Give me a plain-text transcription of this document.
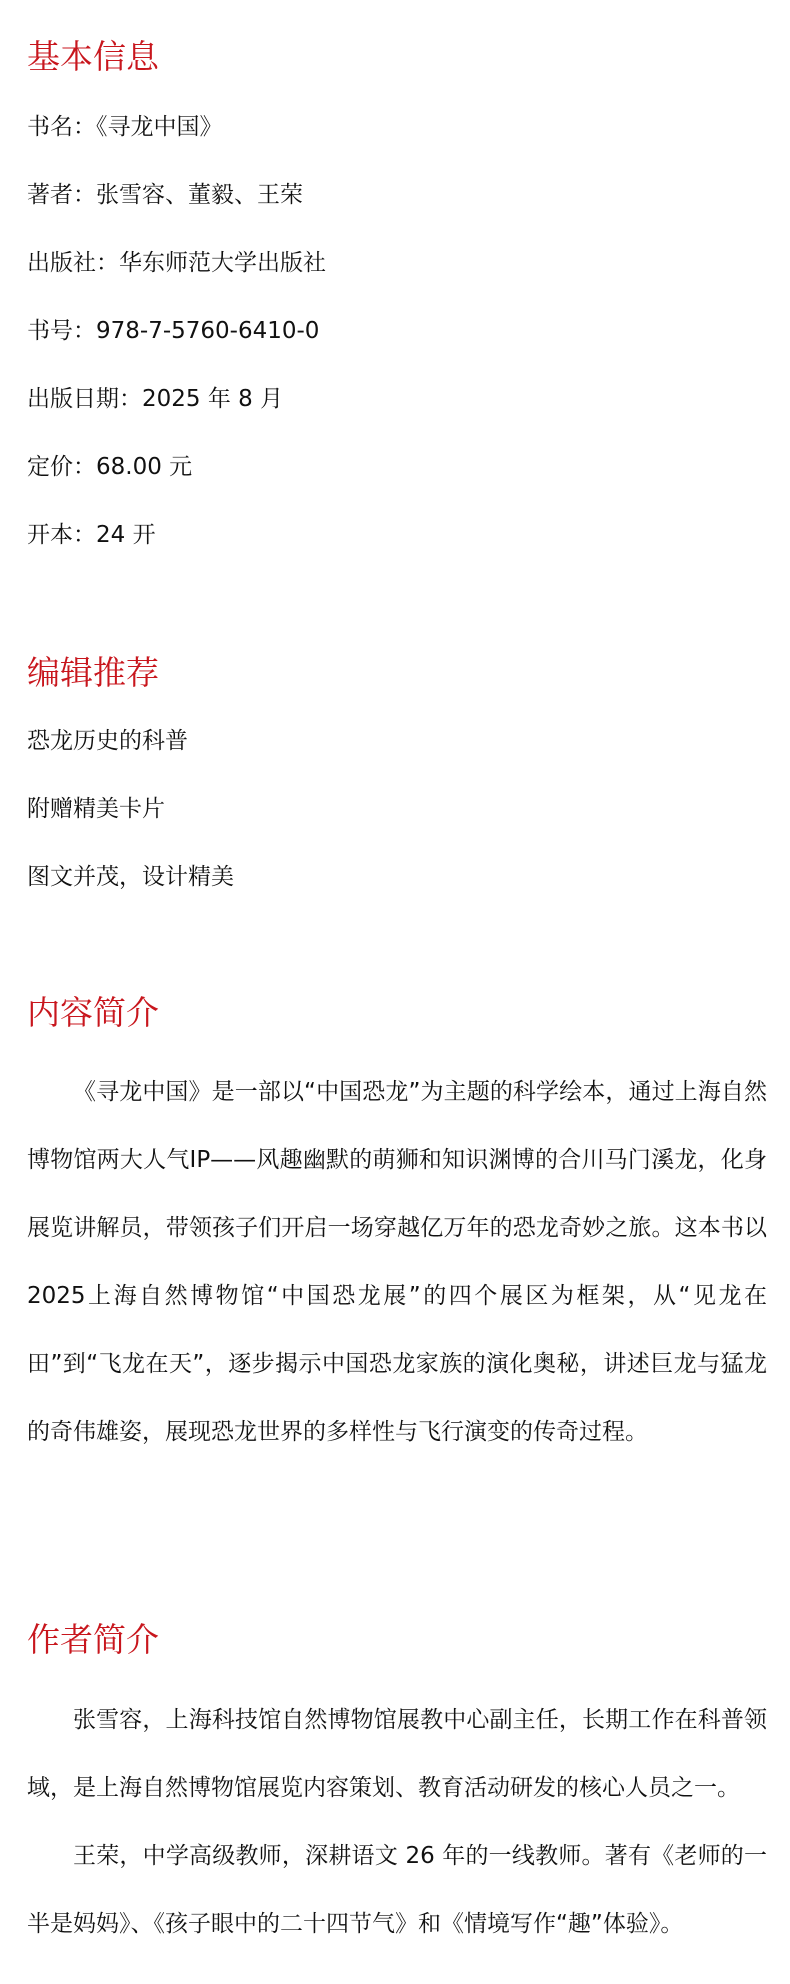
基本信息

书名：《寻龙中国》

著者：张雪容、董毅、王荣

出版社：华东师范大学出版社

书号：978-7-5760-6410-0

出版日期：2025 年 8 月

定价：68.00 元

开本：24 开

编辑推荐

恐龙历史的科普

附赠精美卡片

图文并茂，设计精美

内容简介

《寻龙中国》是一部以“中国恐龙”为主题的科学绘本，通过上海自然博物馆两大人气IP——风趣幽默的萌狮和知识渊博的合川马门溪龙，化身展览讲解员，带领孩子们开启一场穿越亿万年的恐龙奇妙之旅。这本书以2025上海自然博物馆“中国恐龙展”的四个展区为框架，从“见龙在田”到“飞龙在天”，逐步揭示中国恐龙家族的演化奥秘，讲述巨龙与猛龙的奇伟雄姿，展现恐龙世界的多样性与飞行演变的传奇过程。

作者简介

张雪容，上海科技馆自然博物馆展教中心副主任，长期工作在科普领域，是上海自然博物馆展览内容策划、教育活动研发的核心人员之一。

王荣，中学高级教师，深耕语文 26 年的一线教师。著有《老师的一半是妈妈》、《孩子眼中的二十四节气》和《情境写作“趣”体验》。
